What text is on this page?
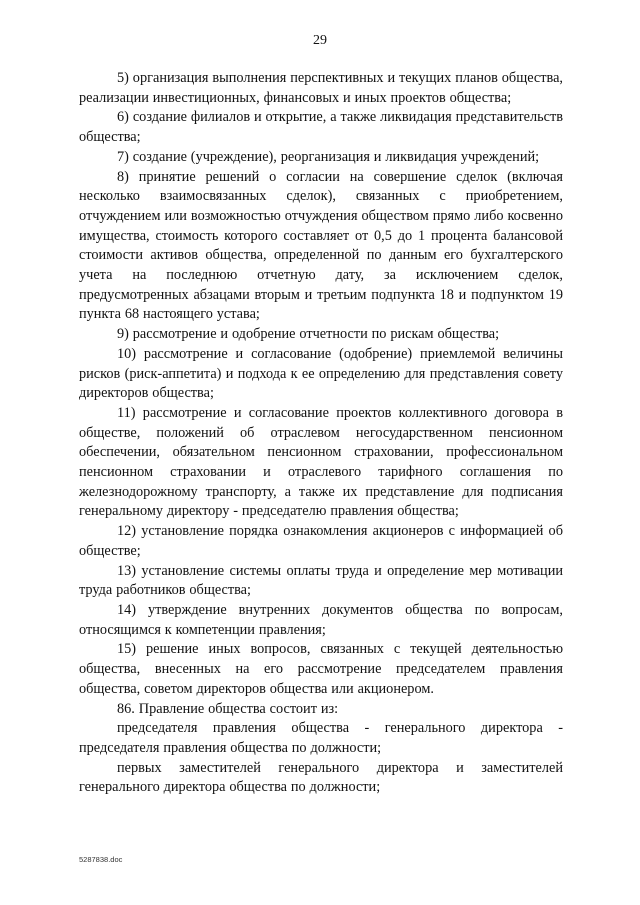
29

5) организация выполнения перспективных и текущих планов общества, реализации инвестиционных, финансовых и иных проектов общества;

6) создание филиалов и открытие, а также ликвидация представительств общества;

7) создание (учреждение), реорганизация и ликвидация учреждений;

8) принятие решений о согласии на совершение сделок (включая несколько взаимосвязанных сделок), связанных с приобретением, отчуждением или возможностью отчуждения обществом прямо либо косвенно имущества, стоимость которого составляет от 0,5 до 1 процента балансовой стоимости активов общества, определенной по данным его бухгалтерского учета на последнюю отчетную дату, за исключением сделок, предусмотренных абзацами вторым и третьим подпункта 18 и подпунктом 19 пункта 68 настоящего устава;

9) рассмотрение и одобрение отчетности по рискам общества;

10) рассмотрение и согласование (одобрение) приемлемой величины рисков (риск-аппетита) и подхода к ее определению для представления совету директоров общества;

11) рассмотрение и согласование проектов коллективного договора в обществе, положений об отраслевом негосударственном пенсионном обеспечении, обязательном пенсионном страховании, профессиональном пенсионном страховании и отраслевого тарифного соглашения по железнодорожному транспорту, а также их представление для подписания генеральному директору - председателю правления общества;

12) установление порядка ознакомления акционеров с информацией об обществе;

13) установление системы оплаты труда и определение мер мотивации труда работников общества;

14) утверждение внутренних документов общества по вопросам, относящимся к компетенции правления;

15) решение иных вопросов, связанных с текущей деятельностью общества, внесенных на его рассмотрение председателем правления общества, советом директоров общества или акционером.

86. Правление общества состоит из:

председателя правления общества - генерального директора - председателя правления общества по должности;

первых заместителей генерального директора и заместителей генерального директора общества по должности;

5287838.doc
